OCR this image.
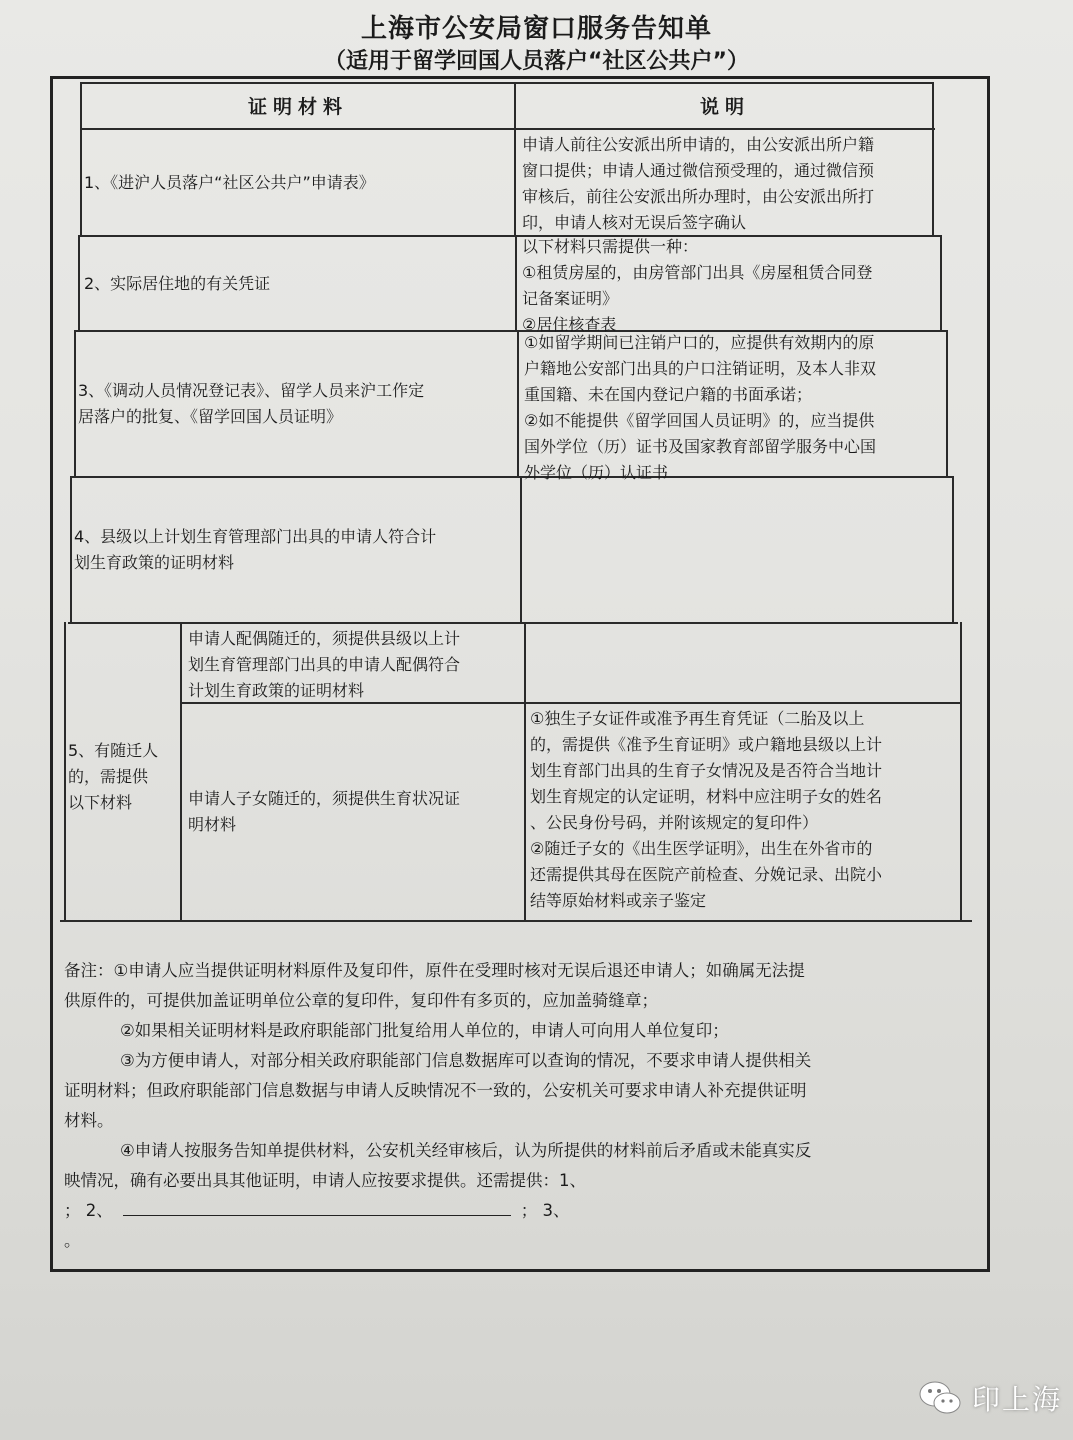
上海市公安局窗口服务告知单
（适用于留学回国人员落户“社区公共户”）
证明材料	说明
1、《进沪人员落户“社区公共户”申请表》
申请人前往公安派出所申请的，由公安派出所户籍
窗口提供；申请人通过微信预受理的，通过微信预
审核后，前往公安派出所办理时，由公安派出所打
印，申请人核对无误后签字确认
2、实际居住地的有关凭证
以下材料只需提供一种：
①租赁房屋的，由房管部门出具《房屋租赁合同登
记备案证明》
②居住核查表
3、《调动人员情况登记表》、留学人员来沪工作定
居落户的批复、《留学回国人员证明》
①如留学期间已注销户口的，应提供有效期内的原
户籍地公安部门出具的户口注销证明，及本人非双
重国籍、未在国内登记户籍的书面承诺；
②如不能提供《留学回国人员证明》的，应当提供
国外学位（历）证书及国家教育部留学服务中心国
外学位（历）认证书
4、县级以上计划生育管理部门出具的申请人符合计
划生育政策的证明材料
5、有随迁人
的，需提供
以下材料
申请人配偶随迁的，须提供县级以上计
划生育管理部门出具的申请人配偶符合
计划生育政策的证明材料
申请人子女随迁的，须提供生育状况证
明材料
①独生子女证件或准予再生育凭证（二胎及以上
的，需提供《准予生育证明》或户籍地县级以上计
划生育部门出具的生育子女情况及是否符合当地计
划生育规定的认定证明，材料中应注明子女的姓名
、公民身份号码，并附该规定的复印件）
②随迁子女的《出生医学证明》，出生在外省市的
还需提供其母在医院产前检查、分娩记录、出院小
结等原始材料或亲子鉴定

备注：①申请人应当提供证明材料原件及复印件，原件在受理时核对无误后退还申请人；如确属无法提

供原件的，可提供加盖证明单位公章的复印件，复印件有多页的，应加盖骑缝章；

②如果相关证明材料是政府职能部门批复给用人单位的，申请人可向用人单位复印；

③为方便申请人，对部分相关政府职能部门信息数据库可以查询的情况，不要求申请人提供相关

证明材料；但政府职能部门信息数据与申请人反映情况不一致的，公安机关可要求申请人补充提供证明

材料。

④申请人按服务告知单提供材料，公安机关经审核后，认为所提供的材料前后矛盾或未能真实反

映情况，确有必要出具其他证明，申请人应按要求提供。还需提供：1、

； 2、	； 3、

。

印上海
